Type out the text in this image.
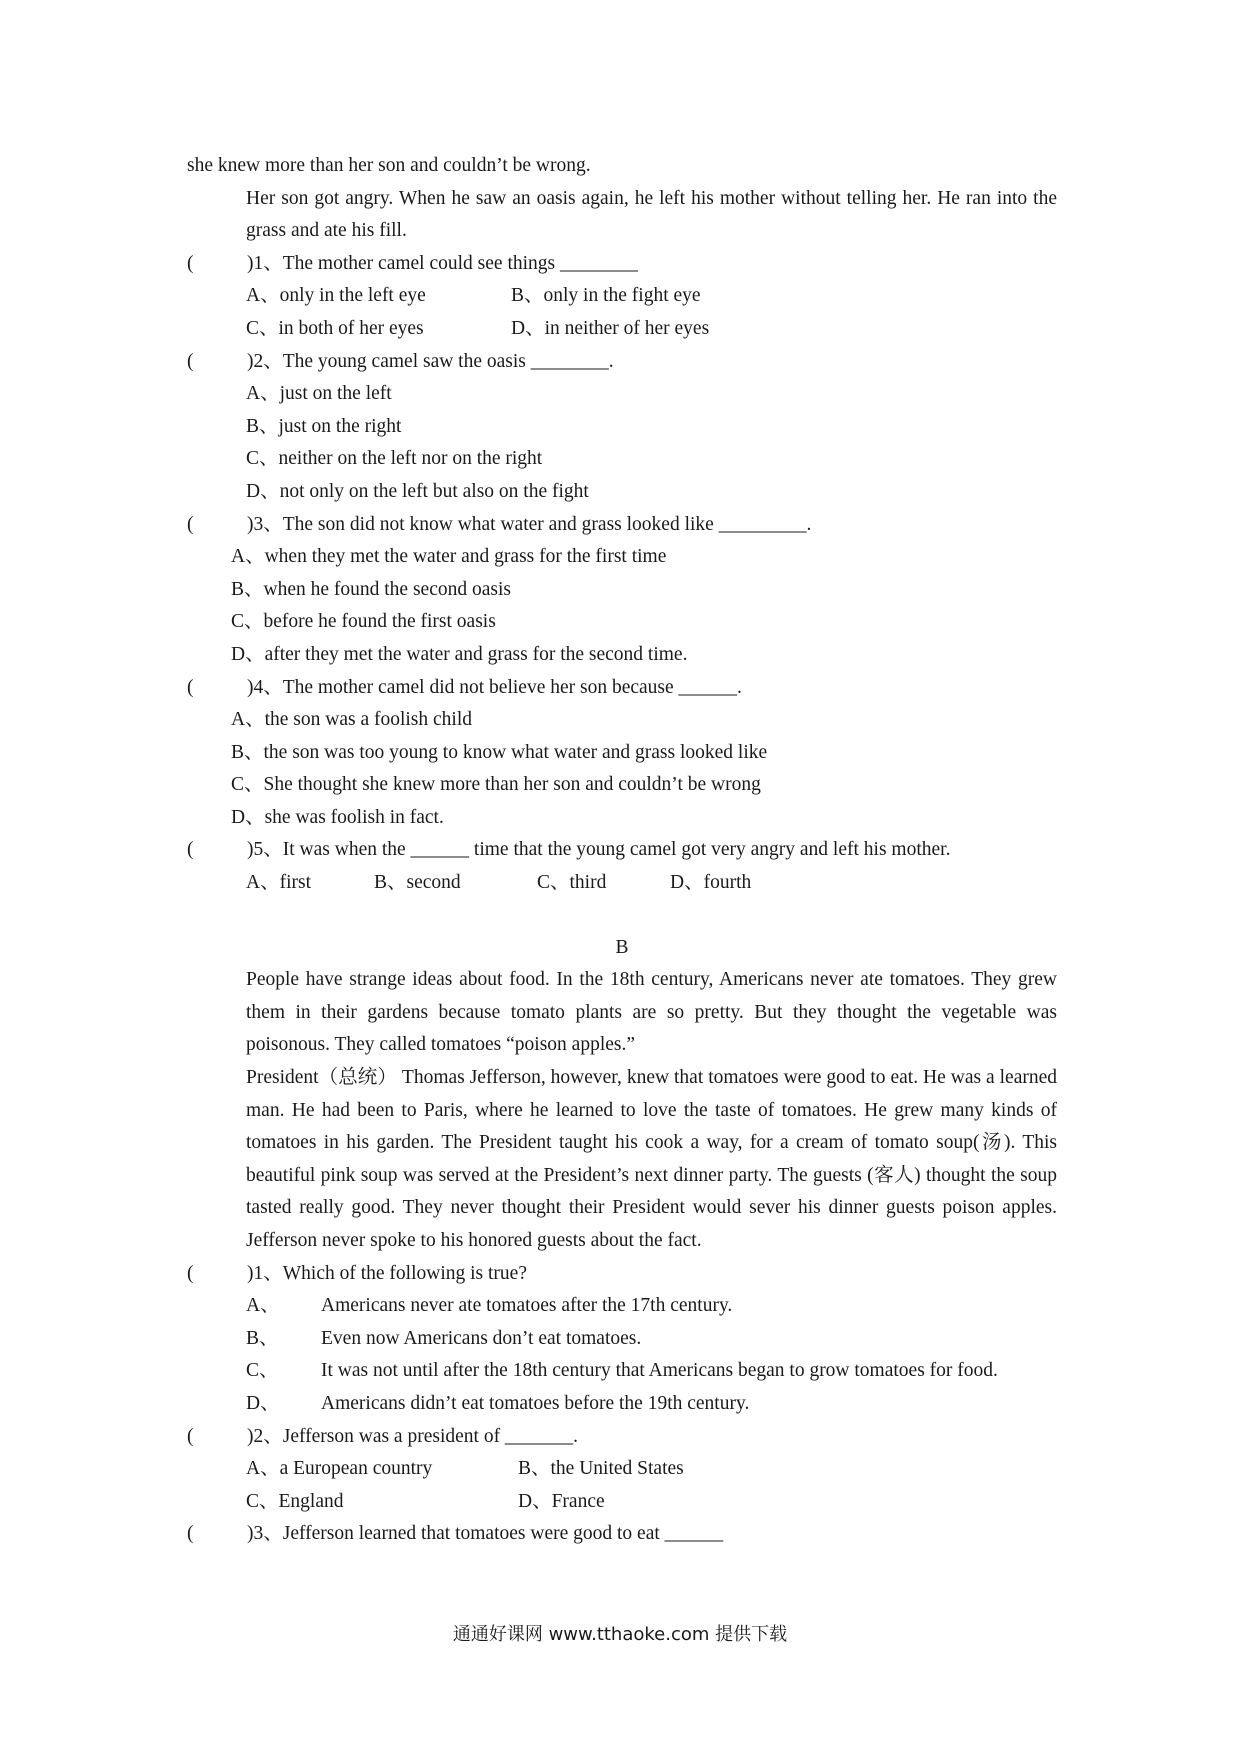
she knew more than her son and couldn’t be wrong.

Her son got angry. When he saw an oasis again, he left his mother without telling her. He ran into the grass and ate his fill.

(	)1、The mother camel could see things ________

A、only in the left eye	B、only in the fight eye
C、in both of her eyes	D、in neither of her eyes

(	)2、The young camel saw the oasis ________.

A、just on the left

B、just on the right

C、neither on the left nor on the right

D、not only on the left but also on the fight

(	)3、The son did not know what water and grass looked like _________.

A、when they met the water and grass for the first time

B、when he found the second oasis

C、before he found the first oasis

D、after they met the water and grass for the second time.

(	)4、The mother camel did not believe her son because ______.

A、the son was a foolish child

B、the son was too young to know what water and grass looked like

C、She thought she knew more than her son and couldn’t be wrong

D、she was foolish in fact.

(	)5、It was when the ______ time that the young camel got very angry and left his mother.

A、first	B、second	C、third	D、fourth

B

People have strange ideas about food. In the 18th century, Americans never ate tomatoes. They grew them in their gardens because tomato plants are so pretty. But they thought the vegetable was poisonous. They called tomatoes “poison apples.”

President（总统） Thomas Jefferson, however, knew that tomatoes were good to eat. He was a learned man. He had been to Paris, where he learned to love the taste of tomatoes. He grew many kinds of tomatoes in his garden. The President taught his cook a way, for a cream of tomato soup(汤). This beautiful pink soup was served at the President’s next dinner party. The guests (客人) thought the soup tasted really good. They never thought their President would sever his dinner guests poison apples. Jefferson never spoke to his honored guests about the fact.

(	)1、Which of the following is true?

A、	Americans never ate tomatoes after the 17th century.
B、	Even now Americans don’t eat tomatoes.
C、	It was not until after the 18th century that Americans began to grow tomatoes for food.
D、	Americans didn’t eat tomatoes before the 19th century.

(	)2、Jefferson was a president of _______.

A、a European country	B、the United States
C、England	D、France

(	)3、Jefferson learned that tomatoes were good to eat ______

通通好课网 www.tthaoke.com 提供下载
